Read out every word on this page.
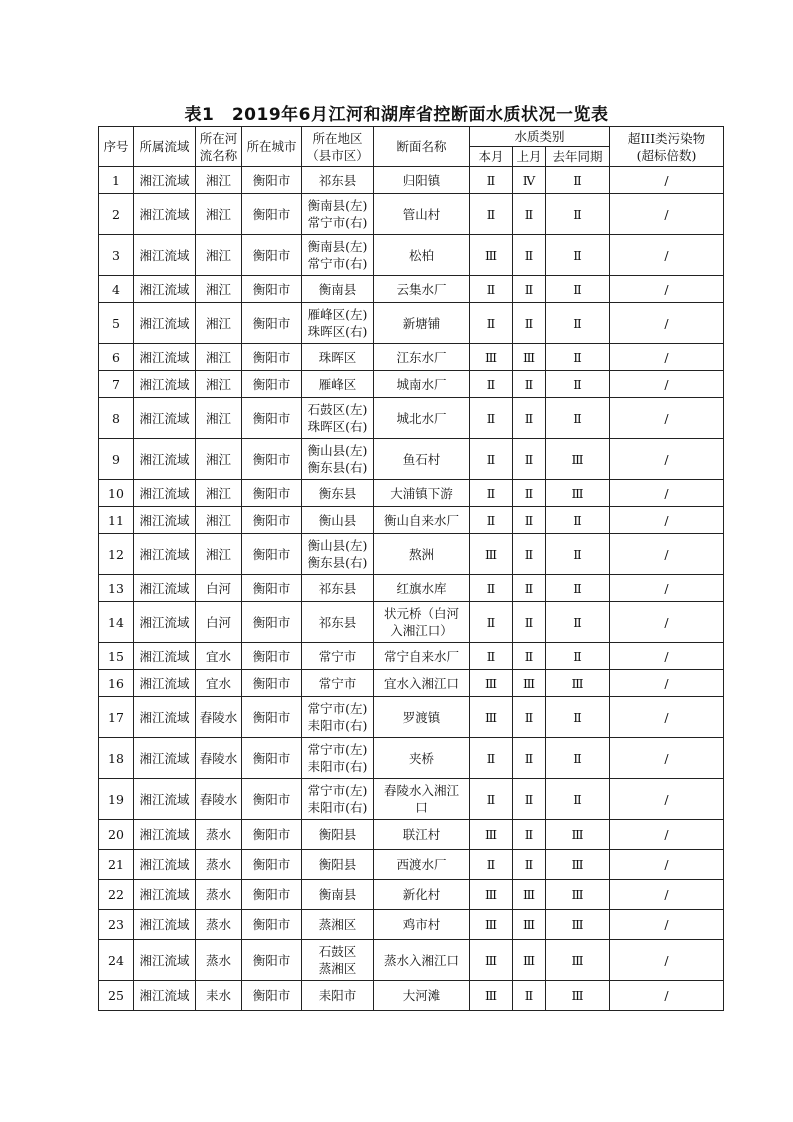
表1　2019年6月江河和湖库省控断面水质状况一览表
序号	所属流域	所在河
流名称	所在城市	所在地区
（县市区）	断面名称	水质类别			超III类污染物
(超标倍数)
						本月	上月	去年同期	
1	湘江流域	湘江	衡阳市	祁东县	归阳镇	Ⅱ	Ⅳ	Ⅱ	/
2	湘江流域	湘江	衡阳市	衡南县(左)
常宁市(右)	管山村	Ⅱ	Ⅱ	Ⅱ	/
3	湘江流域	湘江	衡阳市	衡南县(左)
常宁市(右)	松柏	Ⅲ	Ⅱ	Ⅱ	/
4	湘江流域	湘江	衡阳市	衡南县	云集水厂	Ⅱ	Ⅱ	Ⅱ	/
5	湘江流域	湘江	衡阳市	雁峰区(左)
珠晖区(右)	新塘铺	Ⅱ	Ⅱ	Ⅱ	/
6	湘江流域	湘江	衡阳市	珠晖区	江东水厂	Ⅲ	Ⅲ	Ⅱ	/
7	湘江流域	湘江	衡阳市	雁峰区	城南水厂	Ⅱ	Ⅱ	Ⅱ	/
8	湘江流域	湘江	衡阳市	石鼓区(左)
珠晖区(右)	城北水厂	Ⅱ	Ⅱ	Ⅱ	/
9	湘江流域	湘江	衡阳市	衡山县(左)
衡东县(右)	鱼石村	Ⅱ	Ⅱ	Ⅲ	/
10	湘江流域	湘江	衡阳市	衡东县	大浦镇下游	Ⅱ	Ⅱ	Ⅲ	/
11	湘江流域	湘江	衡阳市	衡山县	衡山自来水厂	Ⅱ	Ⅱ	Ⅱ	/
12	湘江流域	湘江	衡阳市	衡山县(左)
衡东县(右)	熬洲	Ⅲ	Ⅱ	Ⅱ	/
13	湘江流域	白河	衡阳市	祁东县	红旗水库	Ⅱ	Ⅱ	Ⅱ	/
14	湘江流域	白河	衡阳市	祁东县	状元桥（白河
入湘江口）	Ⅱ	Ⅱ	Ⅱ	/
15	湘江流域	宜水	衡阳市	常宁市	常宁自来水厂	Ⅱ	Ⅱ	Ⅱ	/
16	湘江流域	宜水	衡阳市	常宁市	宜水入湘江口	Ⅲ	Ⅲ	Ⅲ	/
17	湘江流域	舂陵水	衡阳市	常宁市(左)
耒阳市(右)	罗渡镇	Ⅲ	Ⅱ	Ⅱ	/
18	湘江流域	舂陵水	衡阳市	常宁市(左)
耒阳市(右)	夹桥	Ⅱ	Ⅱ	Ⅱ	/
19	湘江流域	舂陵水	衡阳市	常宁市(左)
耒阳市(右)	舂陵水入湘江
口	Ⅱ	Ⅱ	Ⅱ	/
20	湘江流域	蒸水	衡阳市	衡阳县	联江村	Ⅲ	Ⅱ	Ⅲ	/
21	湘江流域	蒸水	衡阳市	衡阳县	西渡水厂	Ⅱ	Ⅱ	Ⅲ	/
22	湘江流域	蒸水	衡阳市	衡南县	新化村	Ⅲ	Ⅲ	Ⅲ	/
23	湘江流域	蒸水	衡阳市	蒸湘区	鸡市村	Ⅲ	Ⅲ	Ⅲ	/
24	湘江流域	蒸水	衡阳市	石鼓区
蒸湘区	蒸水入湘江口	Ⅲ	Ⅲ	Ⅲ	/
25	湘江流域	耒水	衡阳市	耒阳市	大河滩	Ⅲ	Ⅱ	Ⅲ	/
